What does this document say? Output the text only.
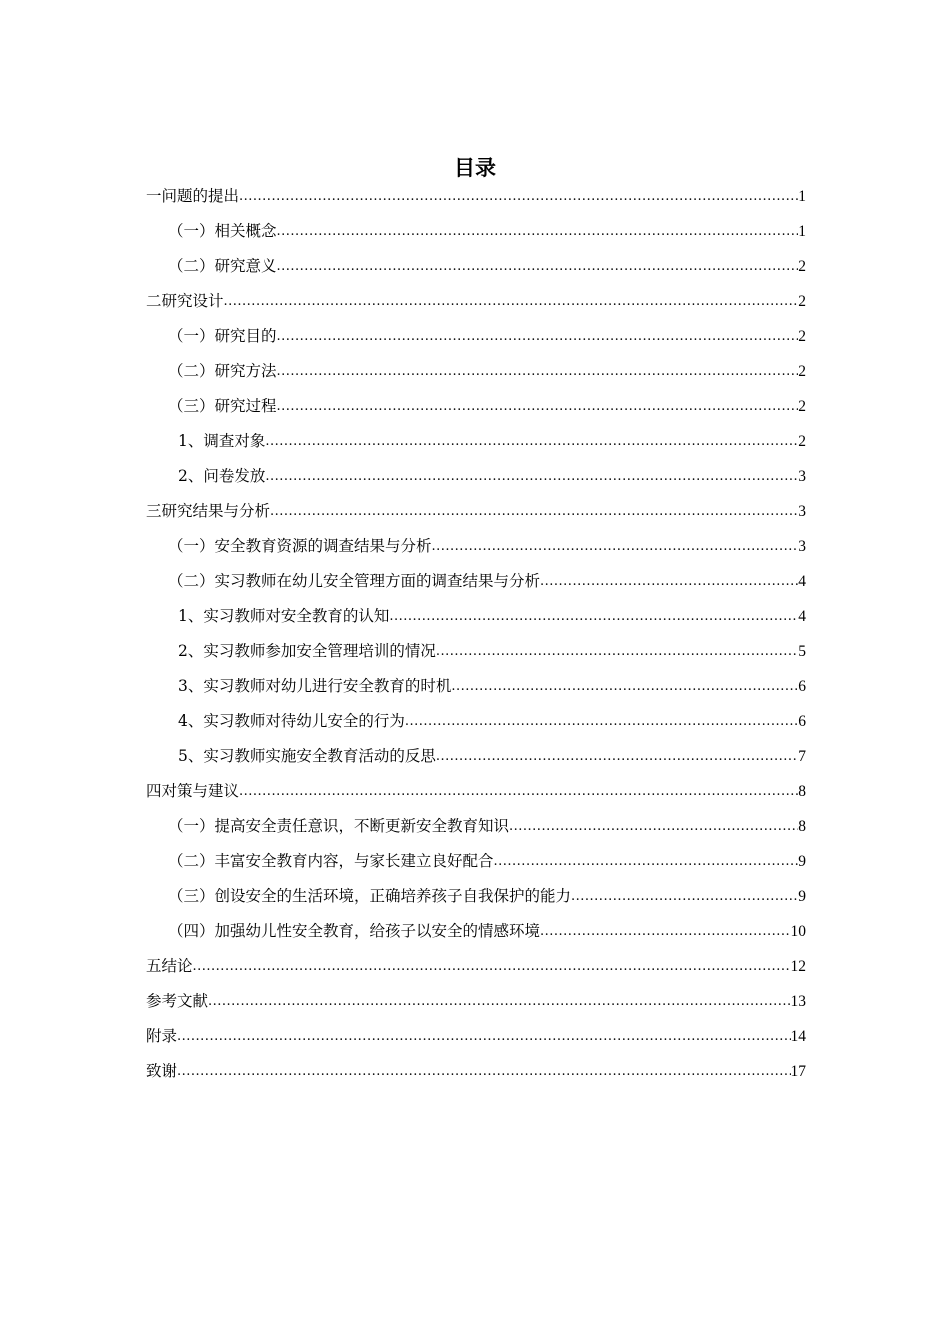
目录
一问题的提出 .....	1
（一）相关概念 .....	1
（二）研究意义 .....	2
二研究设计 .....	2
（一）研究目的 .....	2
（二）研究方法 .....	2
（三）研究过程 .....	2
1、调查对象 .....	2
2、问卷发放 .....	3
三研究结果与分析 .....	3
（一）安全教育资源的调查结果与分析 .....	3
（二）实习教师在幼儿安全管理方面的调查结果与分析 .....	4
1、实习教师对安全教育的认知 .....	4
2、实习教师参加安全管理培训的情况 .....	5
3、实习教师对幼儿进行安全教育的时机 .....	6
4、实习教师对待幼儿安全的行为 .....	6
5、实习教师实施安全教育活动的反思 .....	7
四对策与建议 .....	8
（一）提高安全责任意识，不断更新安全教育知识 .....	8
（二）丰富安全教育内容，与家长建立良好配合 .....	9
（三）创设安全的生活环境，正确培养孩子自我保护的能力 .....	9
（四）加强幼儿性安全教育，给孩子以安全的情感环境 .....	10
五结论 .....	12
参考文献 .....	13
附录 .....	14
致谢 .....	17
